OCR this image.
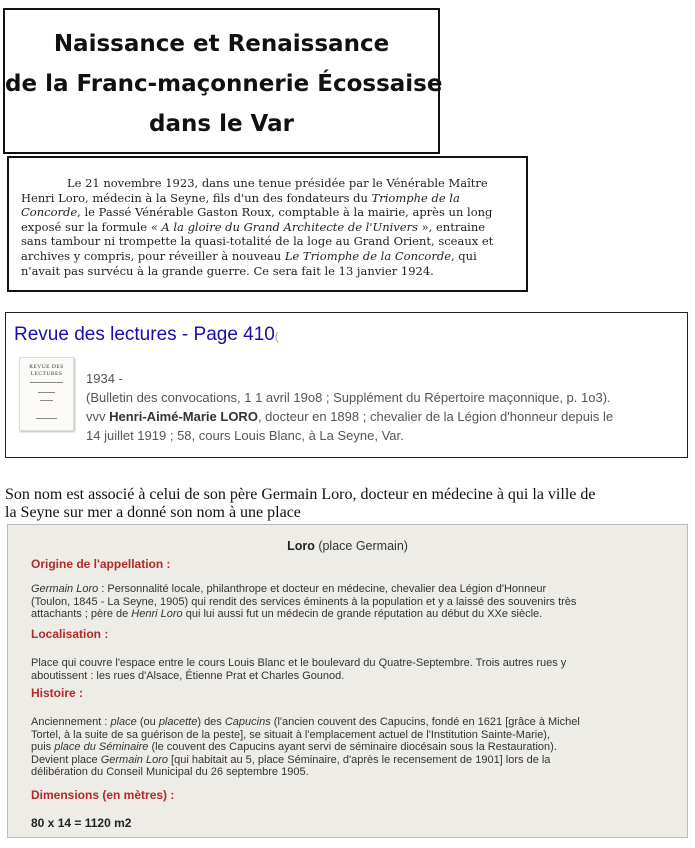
Naissance et Renaissance
de la Franc-maçonnerie Écossaise
dans le Var
Le 21 novembre 1923, dans une tenue présidée par le Vénérable Maître
Henri Loro, médecin à la Seyne, fils d'un des fondateurs du Triomphe de la
Concorde, le Passé Vénérable Gaston Roux, comptable à la mairie, après un long
exposé sur la formule « A la gloire du Grand Architecte de l'Univers », entraine
sans tambour ni trompette la quasi-totalité de la loge au Grand Orient, sceaux et
archives y compris, pour réveiller à nouveau Le Triomphe de la Concorde, qui
n'avait pas survécu à la grande guerre. Ce sera fait le 13 janvier 1924.
Revue des lectures - Page 410(
REVUE DES
LECTURES	1934 -
(Bulletin des convocations, 1 1 avril 19o8 ; Supplément du Répertoire maçonnique, p. 1o3).
vvv Henri-Aimé-Marie LORO, docteur en 1898 ; chevalier de la Légion d'honneur depuis le
14 juillet 1919 ; 58, cours Louis Blanc, à La Seyne, Var.
Son nom est associé à celui de son père Germain Loro, docteur en médecine à qui la ville de
la Seyne sur mer a donné son nom à une place
Loro (place Germain)
Origine de l'appellation :
Germain Loro : Personnalité locale, philanthrope et docteur en médecine, chevalier dea Légion d'Honneur
(Toulon, 1845 - La Seyne, 1905) qui rendit des services éminents à la population et y a laissé des souvenirs très
attachants ; père de Henri Loro qui lui aussi fut un médecin de grande réputation au début du XXe siècle.
Localisation :
Place qui couvre l'espace entre le cours Louis Blanc et le boulevard du Quatre-Septembre. Trois autres rues y
aboutissent : les rues d'Alsace, Étienne Prat et Charles Gounod.
Histoire :
Anciennement : place (ou placette) des Capucins (l'ancien couvent des Capucins, fondé en 1621 [grâce à Michel
Tortel, à la suite de sa guérison de la peste], se situait à l'emplacement actuel de l'Institution Sainte-Marie),
puis place du Séminaire (le couvent des Capucins ayant servi de séminaire diocésain sous la Restauration).
Devient place Germain Loro [qui habitait au 5, place Séminaire, d'après le recensement de 1901] lors de la
délibération du Conseil Municipal du 26 septembre 1905.
Dimensions (en mètres) :
80 x 14 = 1120 m2
